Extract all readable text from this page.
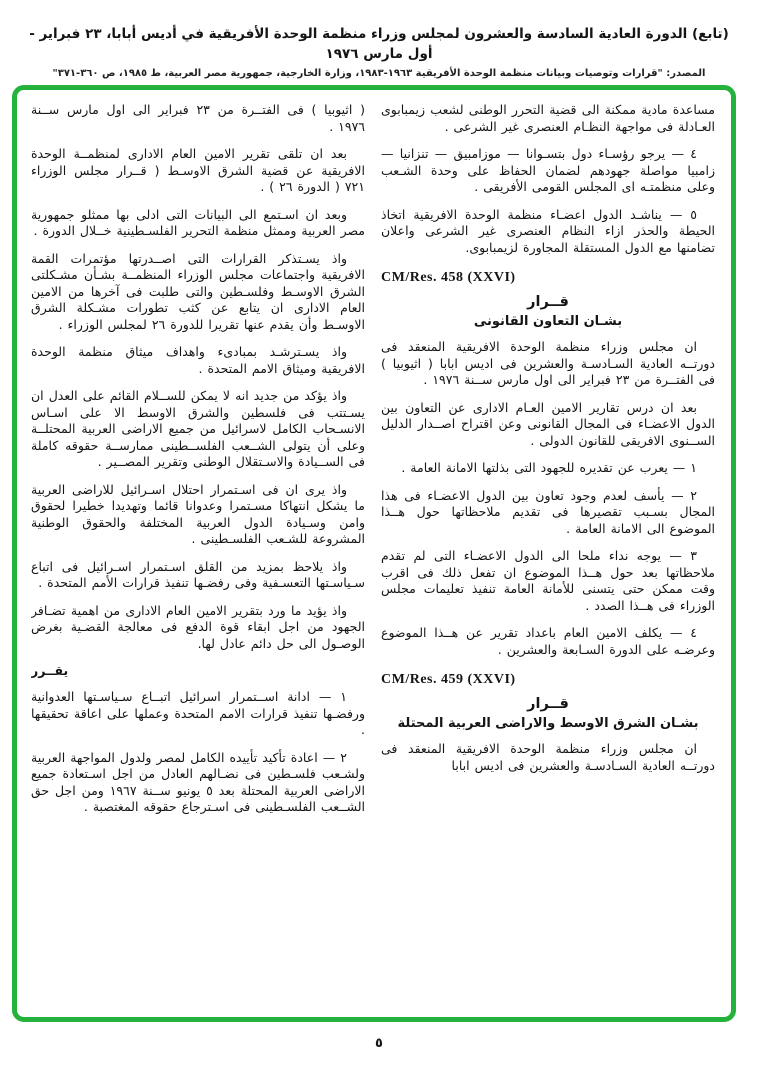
(تابع) الدورة العادية السادسة والعشرون لمجلس وزراء منظمة الوحدة الأفريقية في أديس أبابا، ٢٣ فبراير - أول مارس ١٩٧٦
المصدر: "قرارات وتوصيات وبيانات منظمة الوحدة الأفريقية ١٩٦٣-١٩٨٣، وزارة الخارجية، جمهورية مصر العربية، ط ١٩٨٥، ص ٣٦٠-٣٧١"

مساعدة مادية ممكنة الى قضية التحرر الوطنى لشعب زيمبابوى العـادلة فى مواجهة النظـام العنصرى غير الشرعى .

٤ — يرجو رؤسـاء دول بتسـوانا — موزامبيق — تنزانيا — زامبيا مواصلة جهودهم لضمان الحفاظ على وحدة الشـعب وعلى منظمتـه اى المجلس القومى الأفريقى .

٥ — يناشـد الدول اعضـاء منظمة الوحدة الافريقية اتخاذ الحيطة والحذر ازاء النظام العنصرى غير الشرعى واعلان تضامنها مع الدول المستقلة المجاورة لزيمبابوى.

CM/Res. 458 (XXVI)

قــرار

بشـان التعاون القانونى

ان مجلس وزراء منظمة الوحدة الافريقية المنعقد فى دورتــه العادية السـادسـة والعشرين فى اديس ابابا ( اثيوبيا ) فى الفتــرة من ٢٣ فبراير الى اول مارس ســنة ١٩٧٦ .

بعد ان درس تقارير الامين العـام الادارى عن التعاون بين الدول الاعضـاء فى المجال القانونى وعن اقتراح اصــدار الدليل الســنوى الافريقى للقانون الدولى .

١ — يعرب عن تقديره للجهود التى بذلتها الامانة العامة .

٢ — يأسف لعدم وجود تعاون بين الدول الاعضـاء فى هذا المجال بسـبب تقصيرها فى تقديم ملاحظاتها حول هــذا الموضوع الى الامانة العامة .

٣ — يوجه نداء ملحا الى الدول الاعضـاء التى لم تقدم ملاحظاتها بعد حول هــذا الموضوع ان تفعل ذلك فى اقرب وقت ممكن حتى يتسنى للأمانة العامة تنفيذ تعليمات مجلس الوزراء فى هــذا الصدد .

٤ — يكلف الامين العام باعداد تقرير عن هــذا الموضوع وعرضـه على الدورة السـابعة والعشرين .

CM/Res. 459 (XXVI)

قــرار

بشـان الشرق الاوسط والاراضى العربية المحتلة

ان مجلس وزراء منظمة الوحدة الافريقية المنعقد فى دورتــه العادية السـادسـة والعشرين فى اديس ابابا

( اثيوبيا ) فى الفتــرة من ٢٣ فبراير الى اول مارس ســنة ١٩٧٦ .

بعد ان تلقى تقرير الامين العام الادارى لمنظمــة الوحدة الافريقية عن قضية الشرق الاوسـط ( قــرار مجلس الوزراء ٧٢١ ( الدورة ٢٦ ) .

وبعد ان اسـتمع الى البيانات التى ادلى بها ممثلو جمهورية مصر العربية وممثل منظمة التحرير الفلسـطينية خــلال الدورة .

واذ يسـتذكر القرارات التى اصــدرتها مؤتمرات القمة الافريقية واجتماعات مجلس الوزراء المنظمــة بشـأن مشـكلتى الشرق الاوسـط وفلسـطين والتى طلبت فى آخرها من الامين العام الادارى ان يتابع عن كثب تطورات مشـكلة الشرق الاوسـط وأن يقدم عنها تقريرا للدورة ٢٦ لمجلس الوزراء .

واذ يسـترشـد بمبادىء واهداف ميثاق منظمة الوحدة الافريقية وميثاق الامم المتحدة .

واذ يؤكد من جديد انه لا يمكن للســلام القائم على العدل ان يسـتتب فى فلسطين والشرق الاوسط الا على اسـاس الانسـحاب الكامل لاسرائيل من جميع الاراضى العربية المحتلــة وعلى أن يتولى الشــعب الفلســطينى ممارســة حقوقه كاملة فى الســيادة والاسـتقلال الوطنى وتقرير المصــير .

واذ يرى ان فى اسـتمرار احتلال اسـرائيل للاراضى العربية ما يشكل انتهاكا مسـتمرا وعدوانا قائما وتهديدا خطيرا لحقوق وامن وسـيادة الدول العربية المختلفة والحقوق الوطنية المشروعة للشـعب الفلسـطينى .

واذ يلاحظ بمزيد من القلق اسـتمرار اسـرائيل فى اتباع سـياسـتها التعسـفية وفى رفضـها تنفيذ قرارات الأمم المتحدة .

واذ يؤيد ما ورد بتقرير الامين العام الادارى من اهمية تضـافر الجهود من اجل ابقاء قوة الدفع فى معالجة القضـية بغرض الوصـول الى حل دائم عادل لها.

يقــرر

١ — ادانة اســتمرار اسرائيل اتبــاع سـياسـتها العدوانية ورفضـها تنفيذ قرارات الامم المتحدة وعملها على اعاقة تحقيقها .

٢ — اعادة تأكيد تأييده الكامل لمصر ولدول المواجهة العربية ولشـعب فلسـطين فى نضـالهم العادل من اجل اسـتعادة جميع الاراضى العربية المحتلة بعد ٥ يونيو ســنة ١٩٦٧ ومن اجل حق الشــعب الفلسـطينى فى اسـترجاع حقوقه المغتصبة .

٥
